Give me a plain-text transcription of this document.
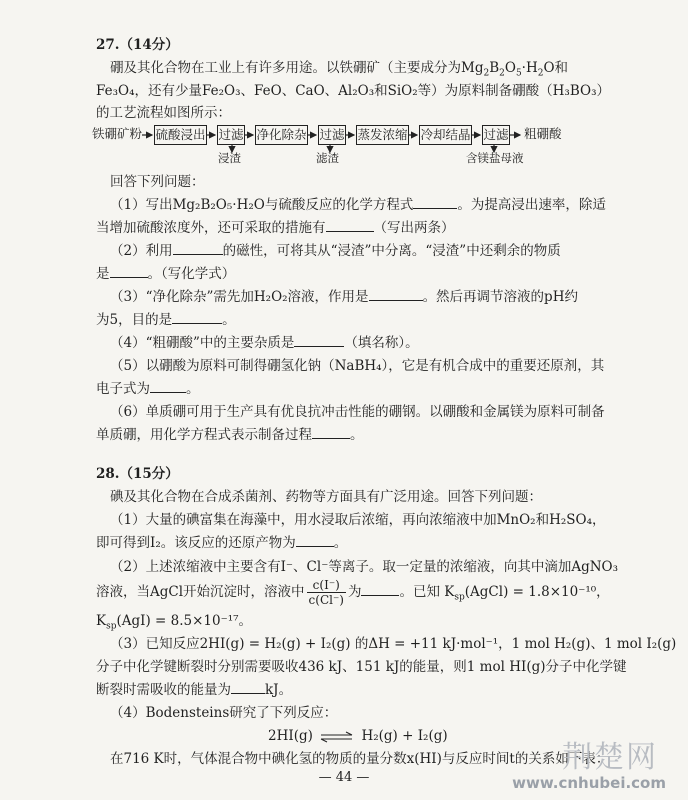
27.（14分）
硼及其化合物在工业上有许多用途。以铁硼矿（主要成分为$Mg_2B_2O_5\cdot H_2O$和
Fe₃O₄，还有少量Fe₂O₃、FeO、CaO、Al₂O₃和SiO₂等）为原料制备硼酸（H₃BO₃）
的工艺流程如图所示：
铁硼矿粉 硫酸浸出 过滤 净化除杂 过滤 蒸发浓缩 冷却结晶 过滤 粗硼酸
浸渣	滤渣	含镁盐母液
回答下列问题：
（1）写出Mg₂B₂O₅·H₂O与硫酸反应的化学方程式	。为提高浸出速率，除适
当增加硫酸浓度外，还可采取的措施有	（写出两条）
（2）利用	的磁性，可将其从“浸渣”中分离。“浸渣”中还剩余的物质
是	。（写化学式）
（3）“净化除杂”需先加H₂O₂溶液，作用是	。然后再调节溶液的pH约
为5，目的是	。
（4）“粗硼酸”中的主要杂质是	（填名称）。
（5）以硼酸为原料可制得硼氢化钠（NaBH₄），它是有机合成中的重要还原剂，其
电子式为	。
（6）单质硼可用于生产具有优良抗冲击性能的硼钢。以硼酸和金属镁为原料可制备
单质硼，用化学方程式表示制备过程	。
28.（15分）
碘及其化合物在合成杀菌剂、药物等方面具有广泛用途。回答下列问题：
（1）大量的碘富集在海藻中，用水浸取后浓缩，再向浓缩液中加MnO₂和H₂SO₄，
即可得到I₂。该反应的还原产物为	。
（2）上述浓缩液中主要含有I⁻、Cl⁻等离子。取一定量的浓缩液，向其中滴加AgNO₃
溶液，当AgCl开始沉淀时，溶液中 $\frac{c(I^-)}{c(Cl^-)}$ 为	。已知 $K_{sp}(AgCl) = 1.8\times 10^{-10}$，
$K_{sp}(AgI) = 8.5\times 10^{-17}$。
（3）已知反应2HI(g) = H₂(g) + I₂(g) 的ΔH = +11 kJ·mol⁻¹，1 mol H₂(g)、1 mol I₂(g)
分子中化学键断裂时分别需要吸收436 kJ、151 kJ的能量，则1 mol HI(g)分子中化学键
断裂时需吸收的能量为	kJ。
（4）Bodensteins研究了下列反应：
2HI(g) ⇌ H₂(g) + I₂(g)
在716 K时，气体混合物中碘化氢的物质的量分数x(HI)与反应时间t的关系如下表：
— 44 —
荆楚网
www.cnhubei.com
